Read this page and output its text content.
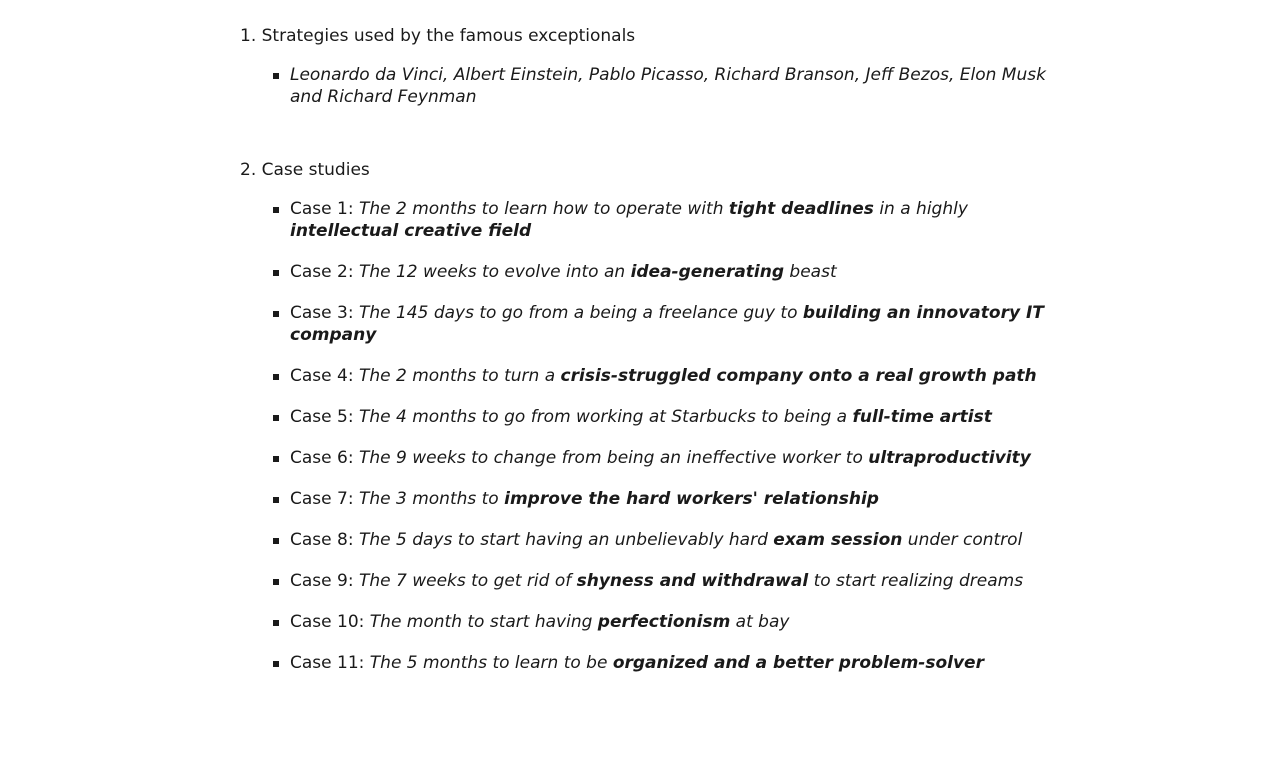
1. Strategies used by the famous exceptionals

Leonardo da Vinci, Albert Einstein, Pablo Picasso, Richard Branson, Jeff Bezos, Elon Musk and Richard Feynman

2. Case studies

Case 1: The 2 months to learn how to operate with tight deadlines in a highly intellectual creative field
Case 2: The 12 weeks to evolve into an idea-generating beast
Case 3: The 145 days to go from a being a freelance guy to building an innovatory IT company
Case 4: The 2 months to turn a crisis-struggled company onto a real growth path
Case 5: The 4 months to go from working at Starbucks to being a full-time artist
Case 6: The 9 weeks to change from being an ineffective worker to ultraproductivity
Case 7: The 3 months to improve the hard workers' relationship
Case 8: The 5 days to start having an unbelievably hard exam session under control
Case 9: The 7 weeks to get rid of shyness and withdrawal to start realizing dreams
Case 10: The month to start having perfectionism at bay
Case 11: The 5 months to learn to be organized and a better problem-solver
